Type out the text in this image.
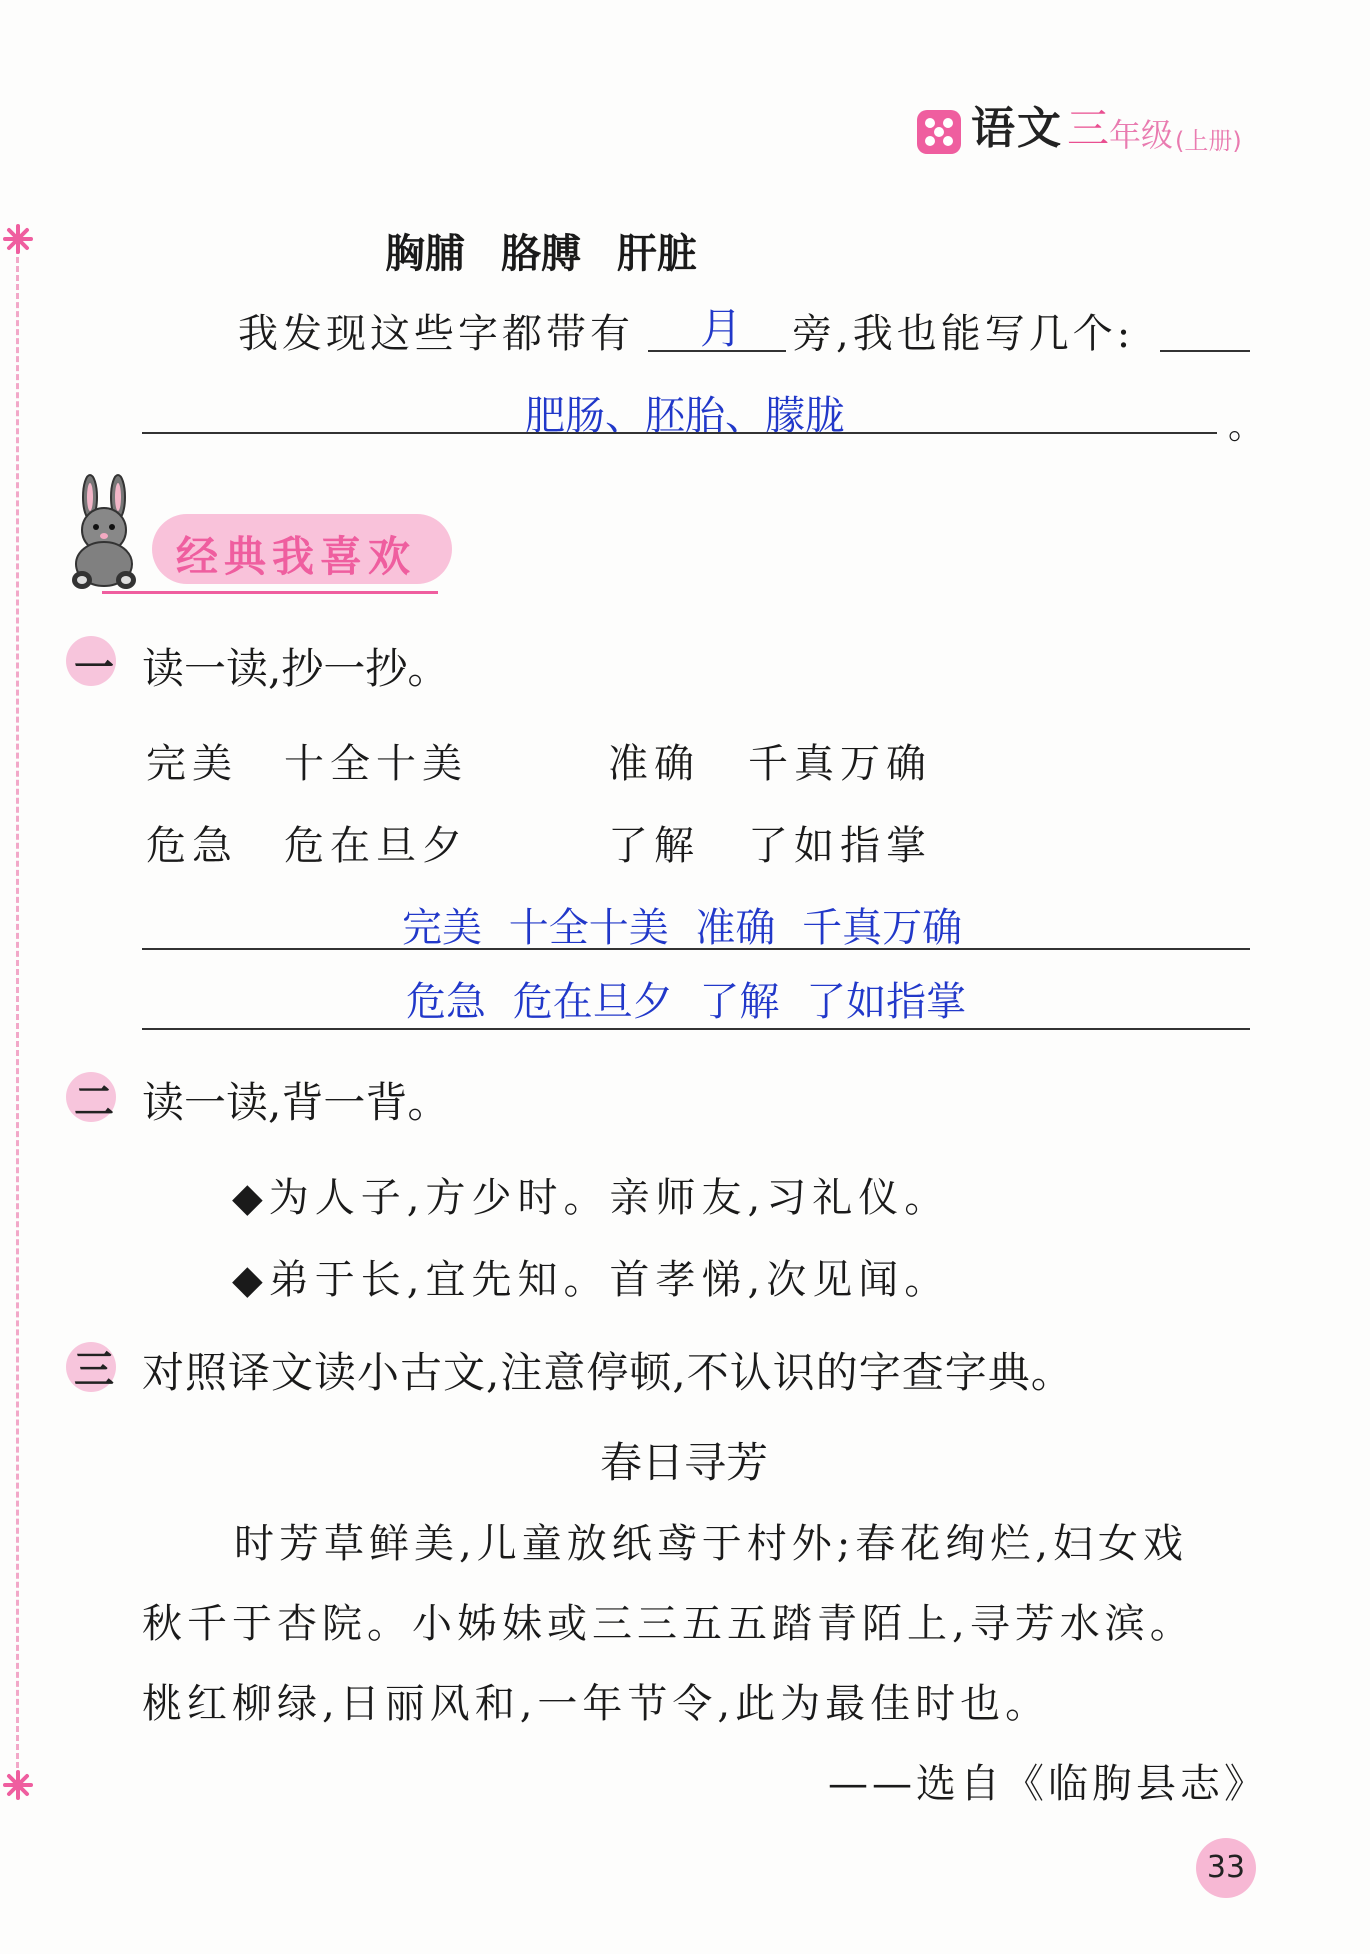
语文 三 年级 (上册)
胸脯 胳膊 肝脏
我发现这些字都带有 月 旁,我也能写几个:
肥肠、胚胎、朦胧	。
经典我喜欢
一 读一读,抄一抄。
完美 十全十美	准确 千真万确
危急 危在旦夕	了解 了如指掌
完美 十全十美 准确 千真万确
危急 危在旦夕 了解 了如指掌
二 读一读,背一背。
◆为人子,方少时。亲师友,习礼仪。
◆弟于长,宜先知。首孝悌,次见闻。
三 对照译文读小古文,注意停顿,不认识的字查字典。
春日寻芳
时芳草鲜美,儿童放纸鸢于村外;春花绚烂,妇女戏
秋千于杏院。小姊妹或三三五五踏青陌上,寻芳水滨。
桃红柳绿,日丽风和,一年节令,此为最佳时也。
——选自《临朐县志》
33
